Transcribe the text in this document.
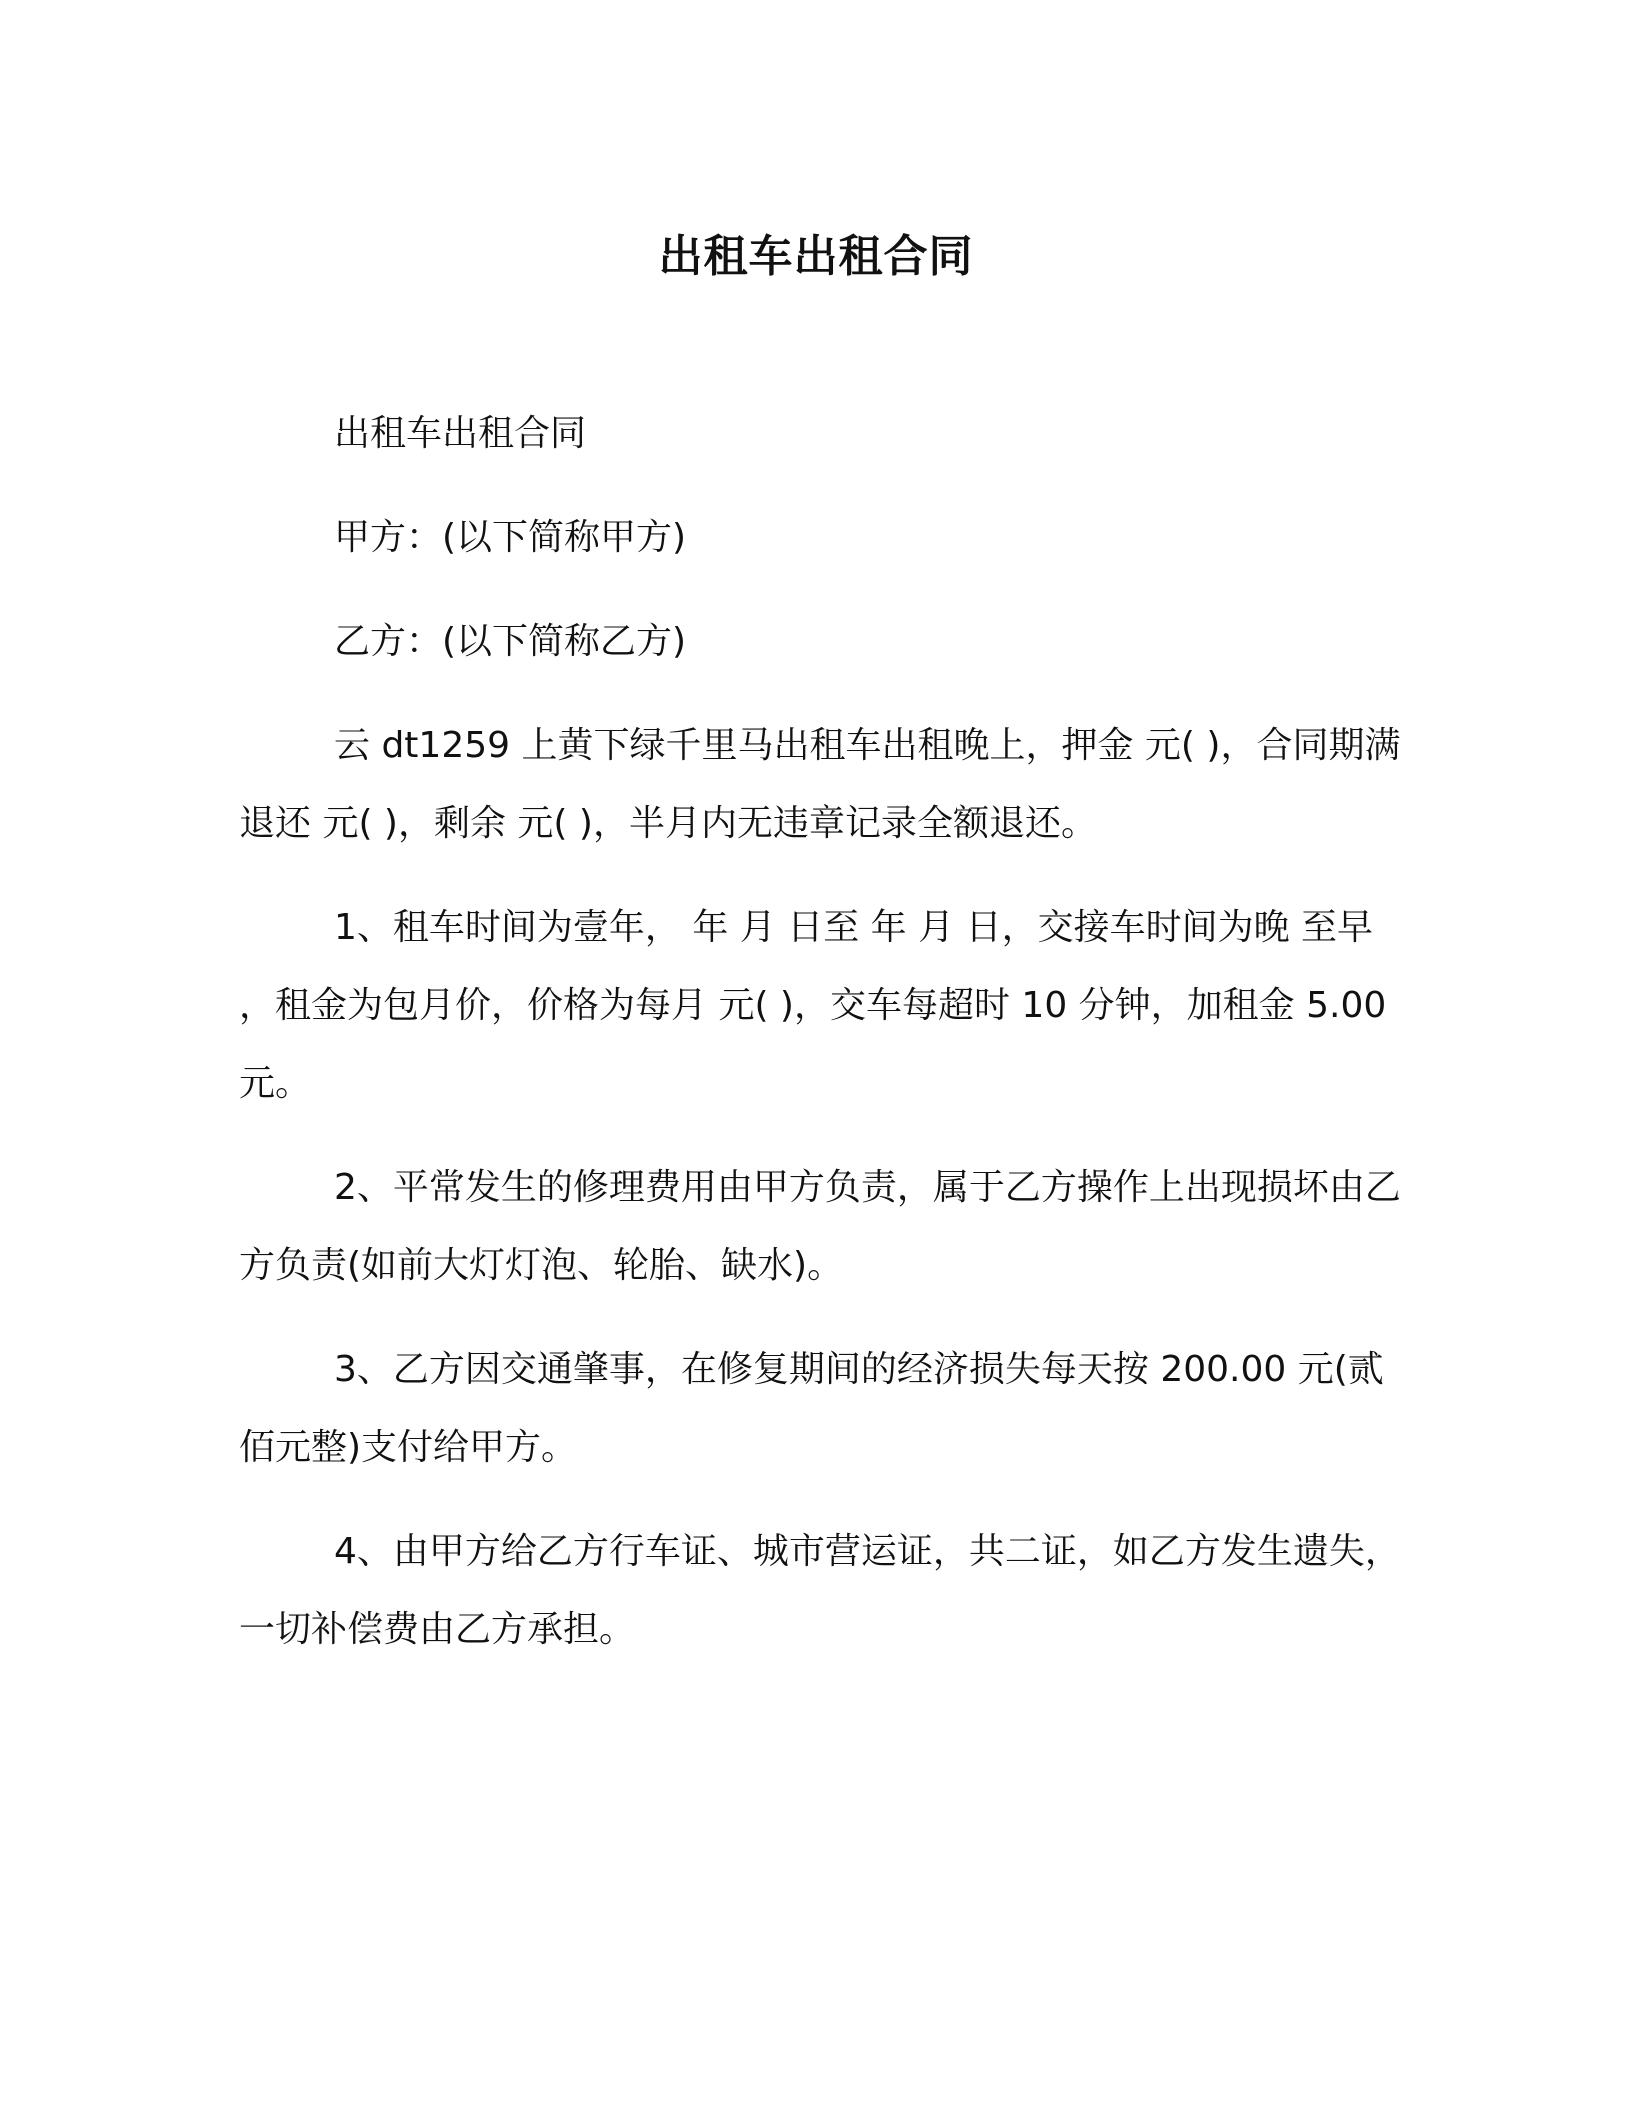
出租车出租合同

出租车出租合同

甲方：(以下简称甲方)

乙方：(以下简称乙方)

云 dt1259 上黄下绿千里马出租车出租晚上，押金 元( )，合同期满退还 元( )，剩余 元( )，半月内无违章记录全额退还。

1、租车时间为壹年， 年 月 日至 年 月 日，交接车时间为晚 至早 ，租金为包月价，价格为每月 元( )，交车每超时 10 分钟，加租金 5.00 元。

2、平常发生的修理费用由甲方负责，属于乙方操作上出现损坏由乙方负责(如前大灯灯泡、轮胎、缺水)。

3、乙方因交通肇事，在修复期间的经济损失每天按 200.00 元(贰佰元整)支付给甲方。

4、由甲方给乙方行车证、城市营运证，共二证，如乙方发生遗失，一切补偿费由乙方承担。
